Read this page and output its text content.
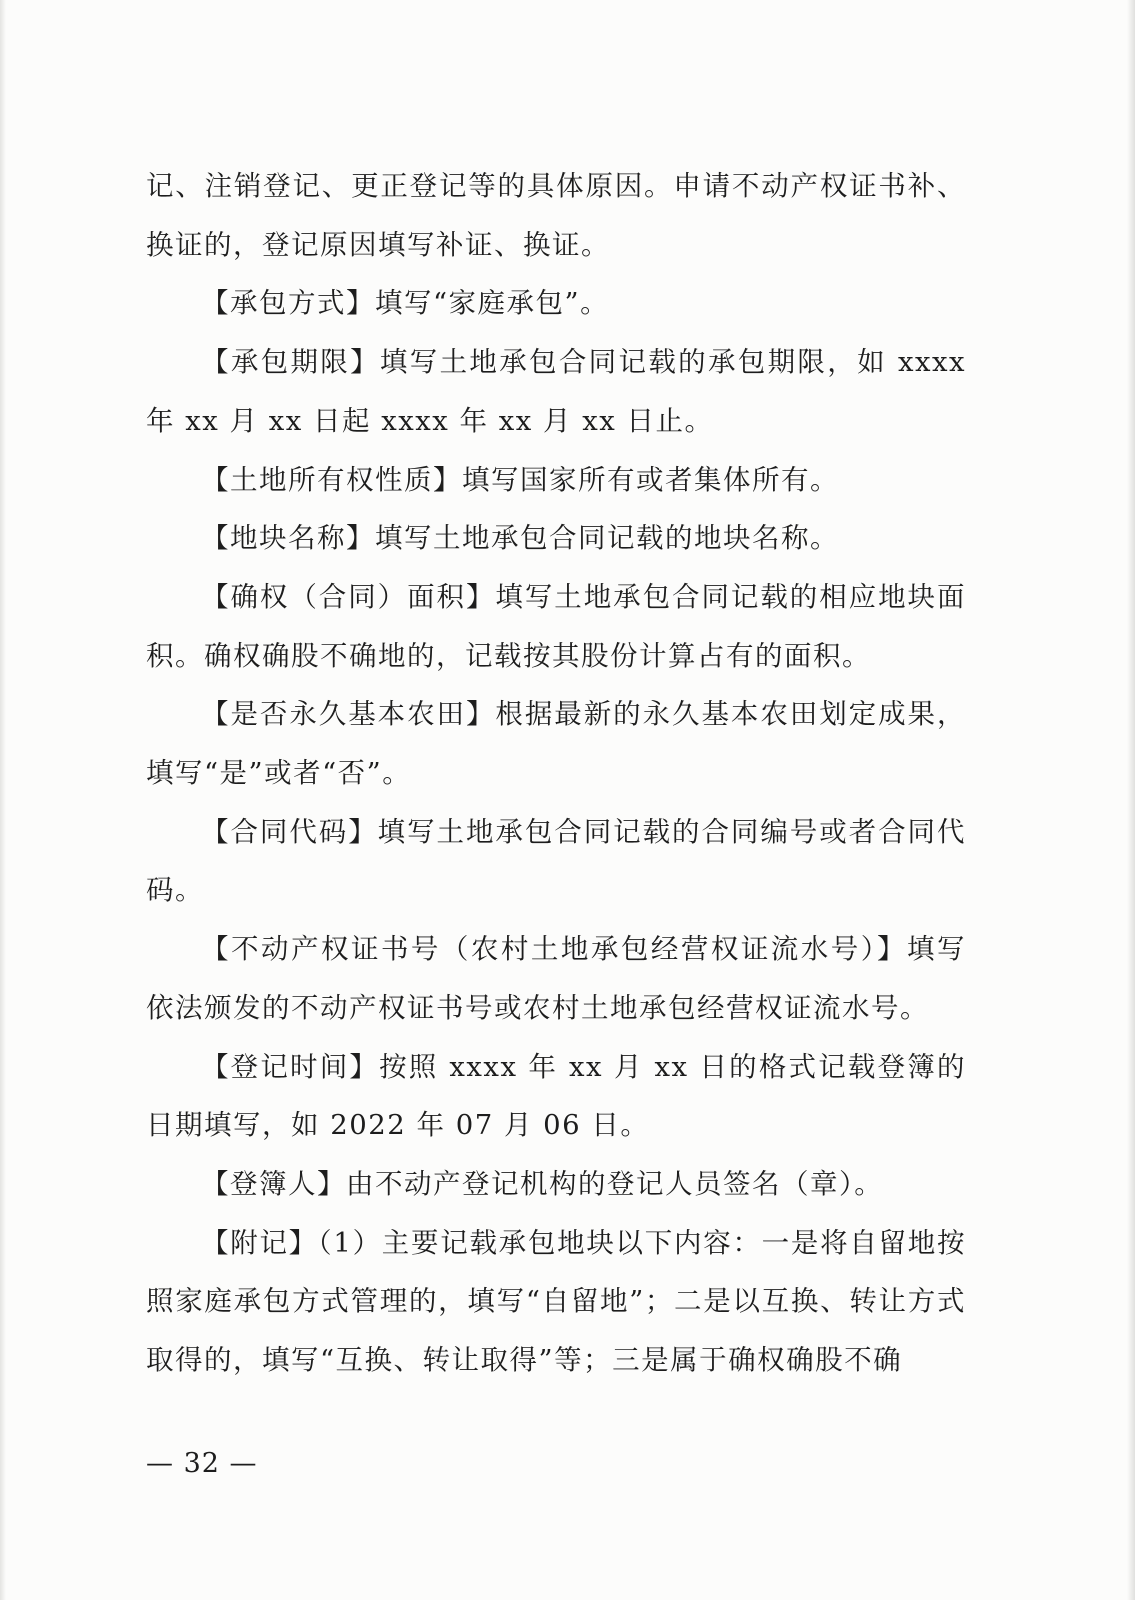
记、注销登记、更正登记等的具体原因。申请不动产权证书补、换证的，登记原因填写补证、换证。

【承包方式】填写“家庭承包”。

【承包期限】填写土地承包合同记载的承包期限，如 xxxx 年 xx 月 xx 日起 xxxx 年 xx 月 xx 日止。

【土地所有权性质】填写国家所有或者集体所有。

【地块名称】填写土地承包合同记载的地块名称。

【确权（合同）面积】填写土地承包合同记载的相应地块面积。确权确股不确地的，记载按其股份计算占有的面积。

【是否永久基本农田】根据最新的永久基本农田划定成果，填写“是”或者“否”。

【合同代码】填写土地承包合同记载的合同编号或者合同代码。

【不动产权证书号（农村土地承包经营权证流水号）】填写依法颁发的不动产权证书号或农村土地承包经营权证流水号。

【登记时间】按照 xxxx 年 xx 月 xx 日的格式记载登簿的日期填写，如 2022 年 07 月 06 日。

【登簿人】由不动产登记机构的登记人员签名（章）。

【附记】（1）主要记载承包地块以下内容：一是将自留地按照家庭承包方式管理的，填写“自留地”；二是以互换、转让方式取得的，填写“互换、转让取得”等；三是属于确权确股不确

— 32 —
